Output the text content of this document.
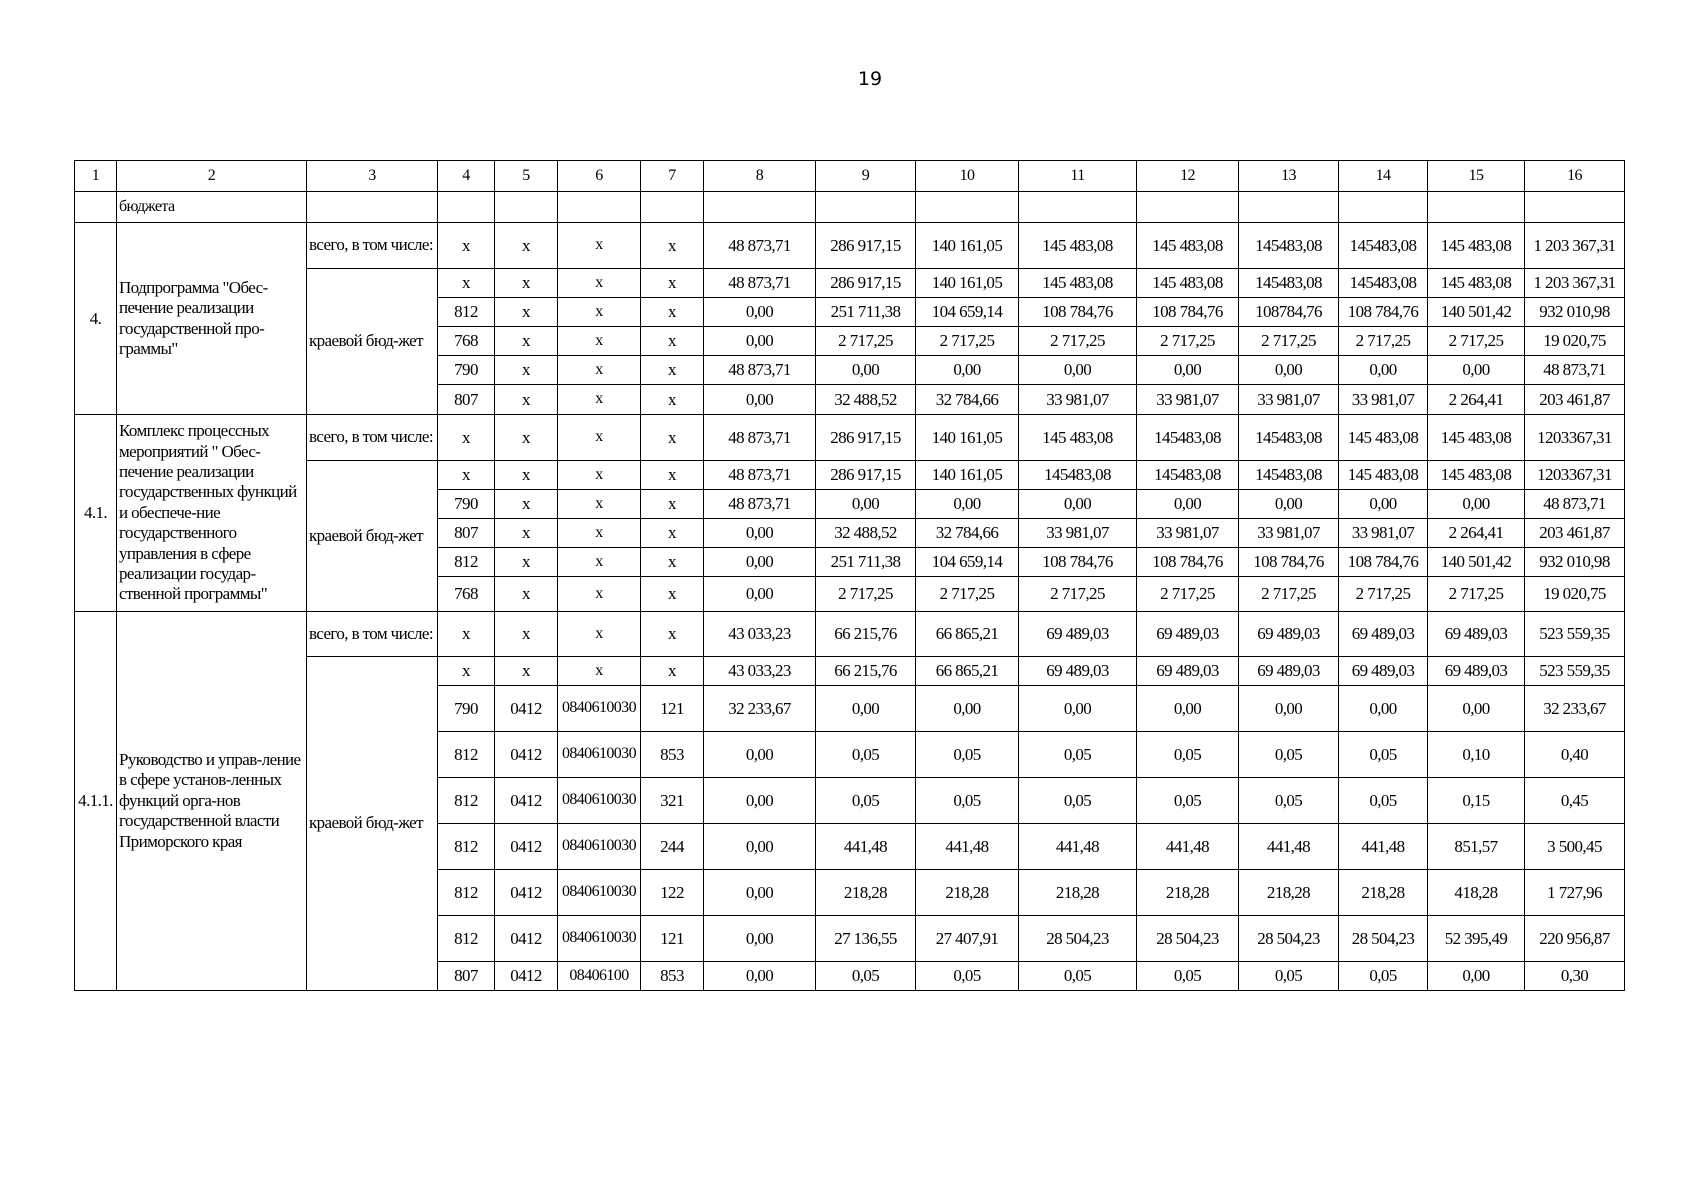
19
1	2	3	4	5	6	7	8	9	10	11	12	13	14	15	16
	бюджета														
4.	Подпрограмма "Обес-печение реализации государственной про-граммы"	всего, в том числе:	x	x	x	x	48 873,71	286 917,15	140 161,05	145 483,08	145 483,08	145483,08	145483,08	145 483,08	1 203 367,31
		краевой бюд-жет	x	x	x	x	48 873,71	286 917,15	140 161,05	145 483,08	145 483,08	145483,08	145483,08	145 483,08	1 203 367,31
			812	x	x	x	0,00	251 711,38	104 659,14	108 784,76	108 784,76	108784,76	108 784,76	140 501,42	932 010,98
			768	x	x	x	0,00	2 717,25	2 717,25	2 717,25	2 717,25	2 717,25	2 717,25	2 717,25	19 020,75
			790	x	x	x	48 873,71	0,00	0,00	0,00	0,00	0,00	0,00	0,00	48 873,71
			807	x	x	x	0,00	32 488,52	32 784,66	33 981,07	33 981,07	33 981,07	33 981,07	2 264,41	203 461,87
4.1.	Комплекс процессных мероприятий " Обес-печение реализации государственных функций и обеспече-ние государственного управления в сфере реализации государ-ственной программы"	всего, в том числе:	x	x	x	x	48 873,71	286 917,15	140 161,05	145 483,08	145483,08	145483,08	145 483,08	145 483,08	1203367,31
		краевой бюд-жет	x	x	x	x	48 873,71	286 917,15	140 161,05	145483,08	145483,08	145483,08	145 483,08	145 483,08	1203367,31
			790	x	x	x	48 873,71	0,00	0,00	0,00	0,00	0,00	0,00	0,00	48 873,71
			807	x	x	x	0,00	32 488,52	32 784,66	33 981,07	33 981,07	33 981,07	33 981,07	2 264,41	203 461,87
			812	x	x	x	0,00	251 711,38	104 659,14	108 784,76	108 784,76	108 784,76	108 784,76	140 501,42	932 010,98
			768	x	x	x	0,00	2 717,25	2 717,25	2 717,25	2 717,25	2 717,25	2 717,25	2 717,25	19 020,75
4.1.1.	Руководство и управ-ление в сфере установ-ленных функций орга-нов государственной власти Приморского края	всего, в том числе:	x	x	x	x	43 033,23	66 215,76	66 865,21	69 489,03	69 489,03	69 489,03	69 489,03	69 489,03	523 559,35
		краевой бюд-жет	x	x	x	x	43 033,23	66 215,76	66 865,21	69 489,03	69 489,03	69 489,03	69 489,03	69 489,03	523 559,35
			790	0412	0840610030	121	32 233,67	0,00	0,00	0,00	0,00	0,00	0,00	0,00	32 233,67
			812	0412	0840610030	853	0,00	0,05	0,05	0,05	0,05	0,05	0,05	0,10	0,40
			812	0412	0840610030	321	0,00	0,05	0,05	0,05	0,05	0,05	0,05	0,15	0,45
			812	0412	0840610030	244	0,00	441,48	441,48	441,48	441,48	441,48	441,48	851,57	3 500,45
			812	0412	0840610030	122	0,00	218,28	218,28	218,28	218,28	218,28	218,28	418,28	1 727,96
			812	0412	0840610030	121	0,00	27 136,55	27 407,91	28 504,23	28 504,23	28 504,23	28 504,23	52 395,49	220 956,87
			807	0412	08406100	853	0,00	0,05	0,05	0,05	0,05	0,05	0,05	0,00	0,30
